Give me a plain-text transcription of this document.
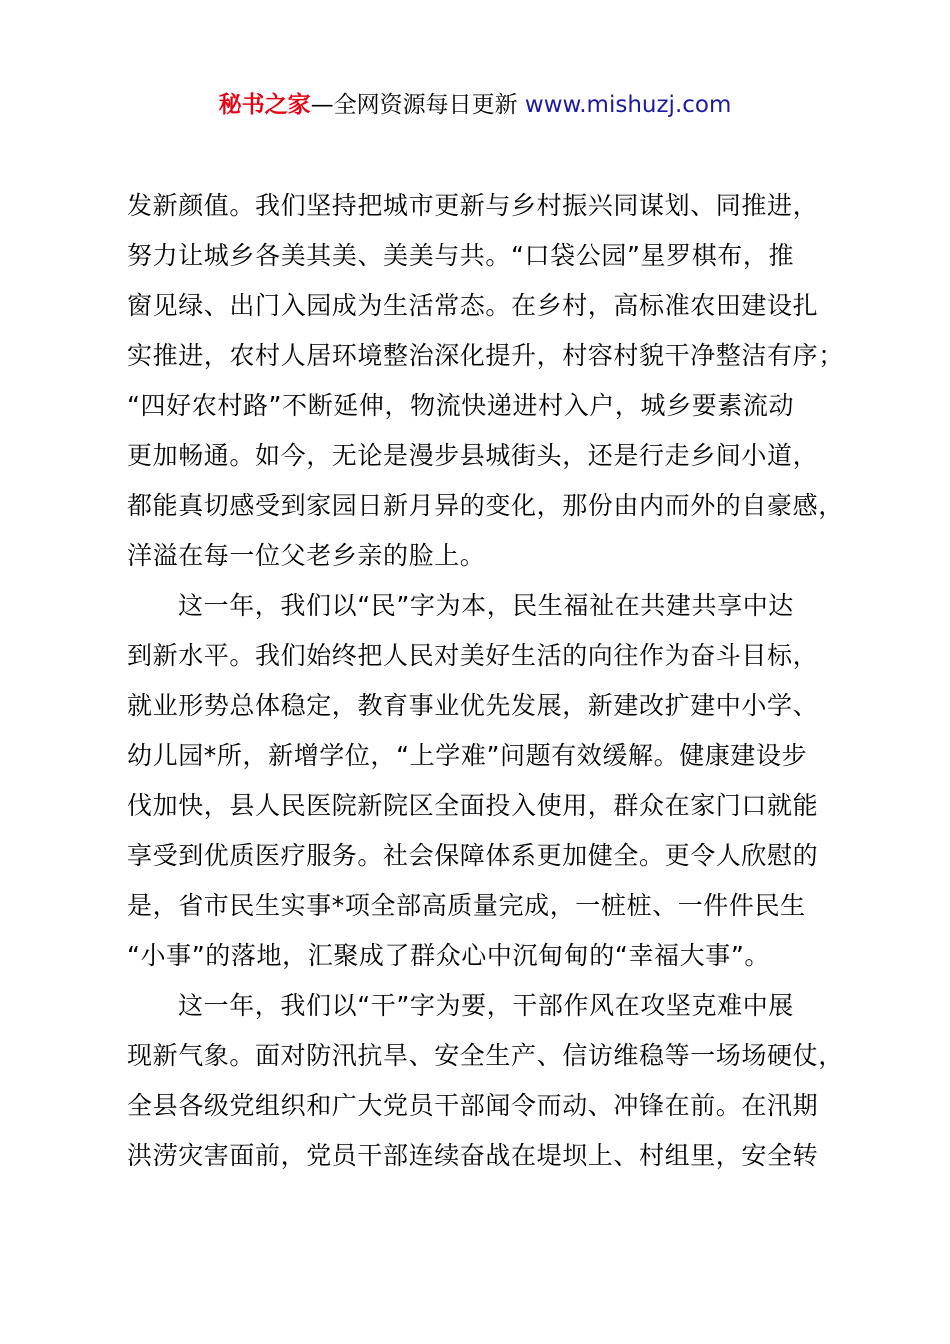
秘书之家—全网资源每日更新 www.mishuzj.com
发新颜值。我们坚持把城市更新与乡村振兴同谋划、同推进，
努力让城乡各美其美、美美与共。“口袋公园”星罗棋布，推
窗见绿、出门入园成为生活常态。在乡村，高标准农田建设扎
实推进，农村人居环境整治深化提升，村容村貌干净整洁有序；
“四好农村路”不断延伸，物流快递进村入户，城乡要素流动
更加畅通。如今，无论是漫步县城街头，还是行走乡间小道，
都能真切感受到家园日新月异的变化，那份由内而外的自豪感，
洋溢在每一位父老乡亲的脸上。
这一年，我们以“民”字为本，民生福祉在共建共享中达
到新水平。我们始终把人民对美好生活的向往作为奋斗目标，
就业形势总体稳定，教育事业优先发展，新建改扩建中小学、
幼儿园*所，新增学位，“上学难”问题有效缓解。健康建设步
伐加快，县人民医院新院区全面投入使用，群众在家门口就能
享受到优质医疗服务。社会保障体系更加健全。更令人欣慰的
是，省市民生实事*项全部高质量完成，一桩桩、一件件民生
“小事”的落地，汇聚成了群众心中沉甸甸的“幸福大事”。
这一年，我们以“干”字为要，干部作风在攻坚克难中展
现新气象。面对防汛抗旱、安全生产、信访维稳等一场场硬仗，
全县各级党组织和广大党员干部闻令而动、冲锋在前。在汛期
洪涝灾害面前，党员干部连续奋战在堤坝上、村组里，安全转
